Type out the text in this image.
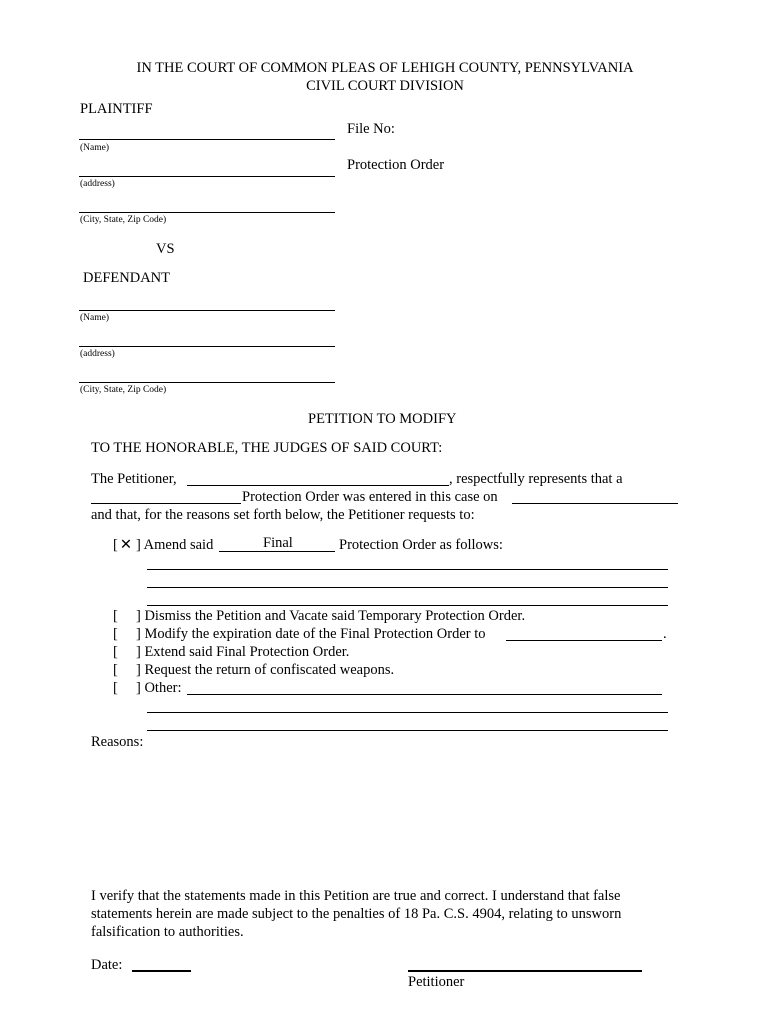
IN THE COURT OF COMMON PLEAS OF LEHIGH COUNTY, PENNSYLVANIA
CIVIL COURT DIVISION
PLAINTIFF
(Name)
(address)
(City, State, Zip Code)
File No:
Protection Order
VS
DEFENDANT
(Name)
(address)
(City, State, Zip Code)
PETITION TO MODIFY
TO THE HONORABLE, THE JUDGES OF SAID COURT:
The Petitioner,	, respectfully represents that a
Protection Order was entered in this case on
and that, for the reasons set forth below, the Petitioner requests to:
[ ✕ ] Amend said	Final	Protection Order as follows:
[ ] Dismiss the Petition and Vacate said Temporary Protection Order.
[ ] Modify the expiration date of the Final Protection Order to	.
[ ] Extend said Final Protection Order.
[ ] Request the return of confiscated weapons.
[ ] Other:
Reasons:
I verify that the statements made in this Petition are true and correct. I understand that false
statements herein are made subject to the penalties of 18 Pa. C.S. 4904, relating to unsworn
falsification to authorities.
Date:
Petitioner
